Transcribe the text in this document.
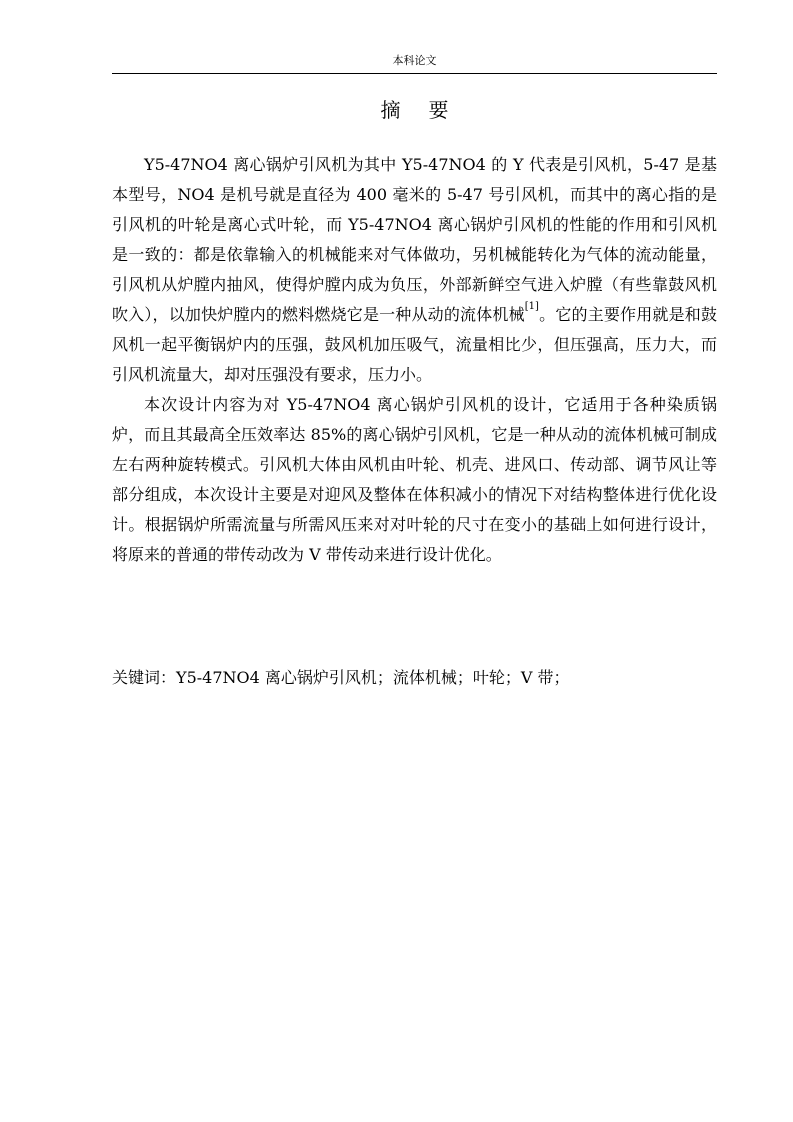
本科论文
摘要

Y5-47NO4 离心锅炉引风机为其中 Y5-47NO4 的 Y 代表是引风机，5-47 是基本型号，NO4 是机号就是直径为 400 毫米的 5-47 号引风机，而其中的离心指的是引风机的叶轮是离心式叶轮，而 Y5-47NO4 离心锅炉引风机的性能的作用和引风机是一致的：都是依靠输入的机械能来对气体做功，另机械能转化为气体的流动能量，引风机从炉膛内抽风，使得炉膛内成为负压，外部新鲜空气进入炉膛（有些靠鼓风机吹入），以加快炉膛内的燃料燃烧它是一种从动的流体机械[1]。它的主要作用就是和鼓风机一起平衡锅炉内的压强，鼓风机加压吸气，流量相比少，但压强高，压力大，而引风机流量大，却对压强没有要求，压力小。

本次设计内容为对 Y5-47NO4 离心锅炉引风机的设计，它适用于各种染质锅炉，而且其最高全压效率达 85%的离心锅炉引风机，它是一种从动的流体机械可制成左右两种旋转模式。引风机大体由风机由叶轮、机壳、进风口、传动部、调节风让等部分组成，本次设计主要是对迎风及整体在体积减小的情况下对结构整体进行优化设计。根据锅炉所需流量与所需风压来对对叶轮的尺寸在变小的基础上如何进行设计，将原来的普通的带传动改为 V 带传动来进行设计优化。

关键词：Y5-47NO4 离心锅炉引风机；流体机械；叶轮；V 带；
